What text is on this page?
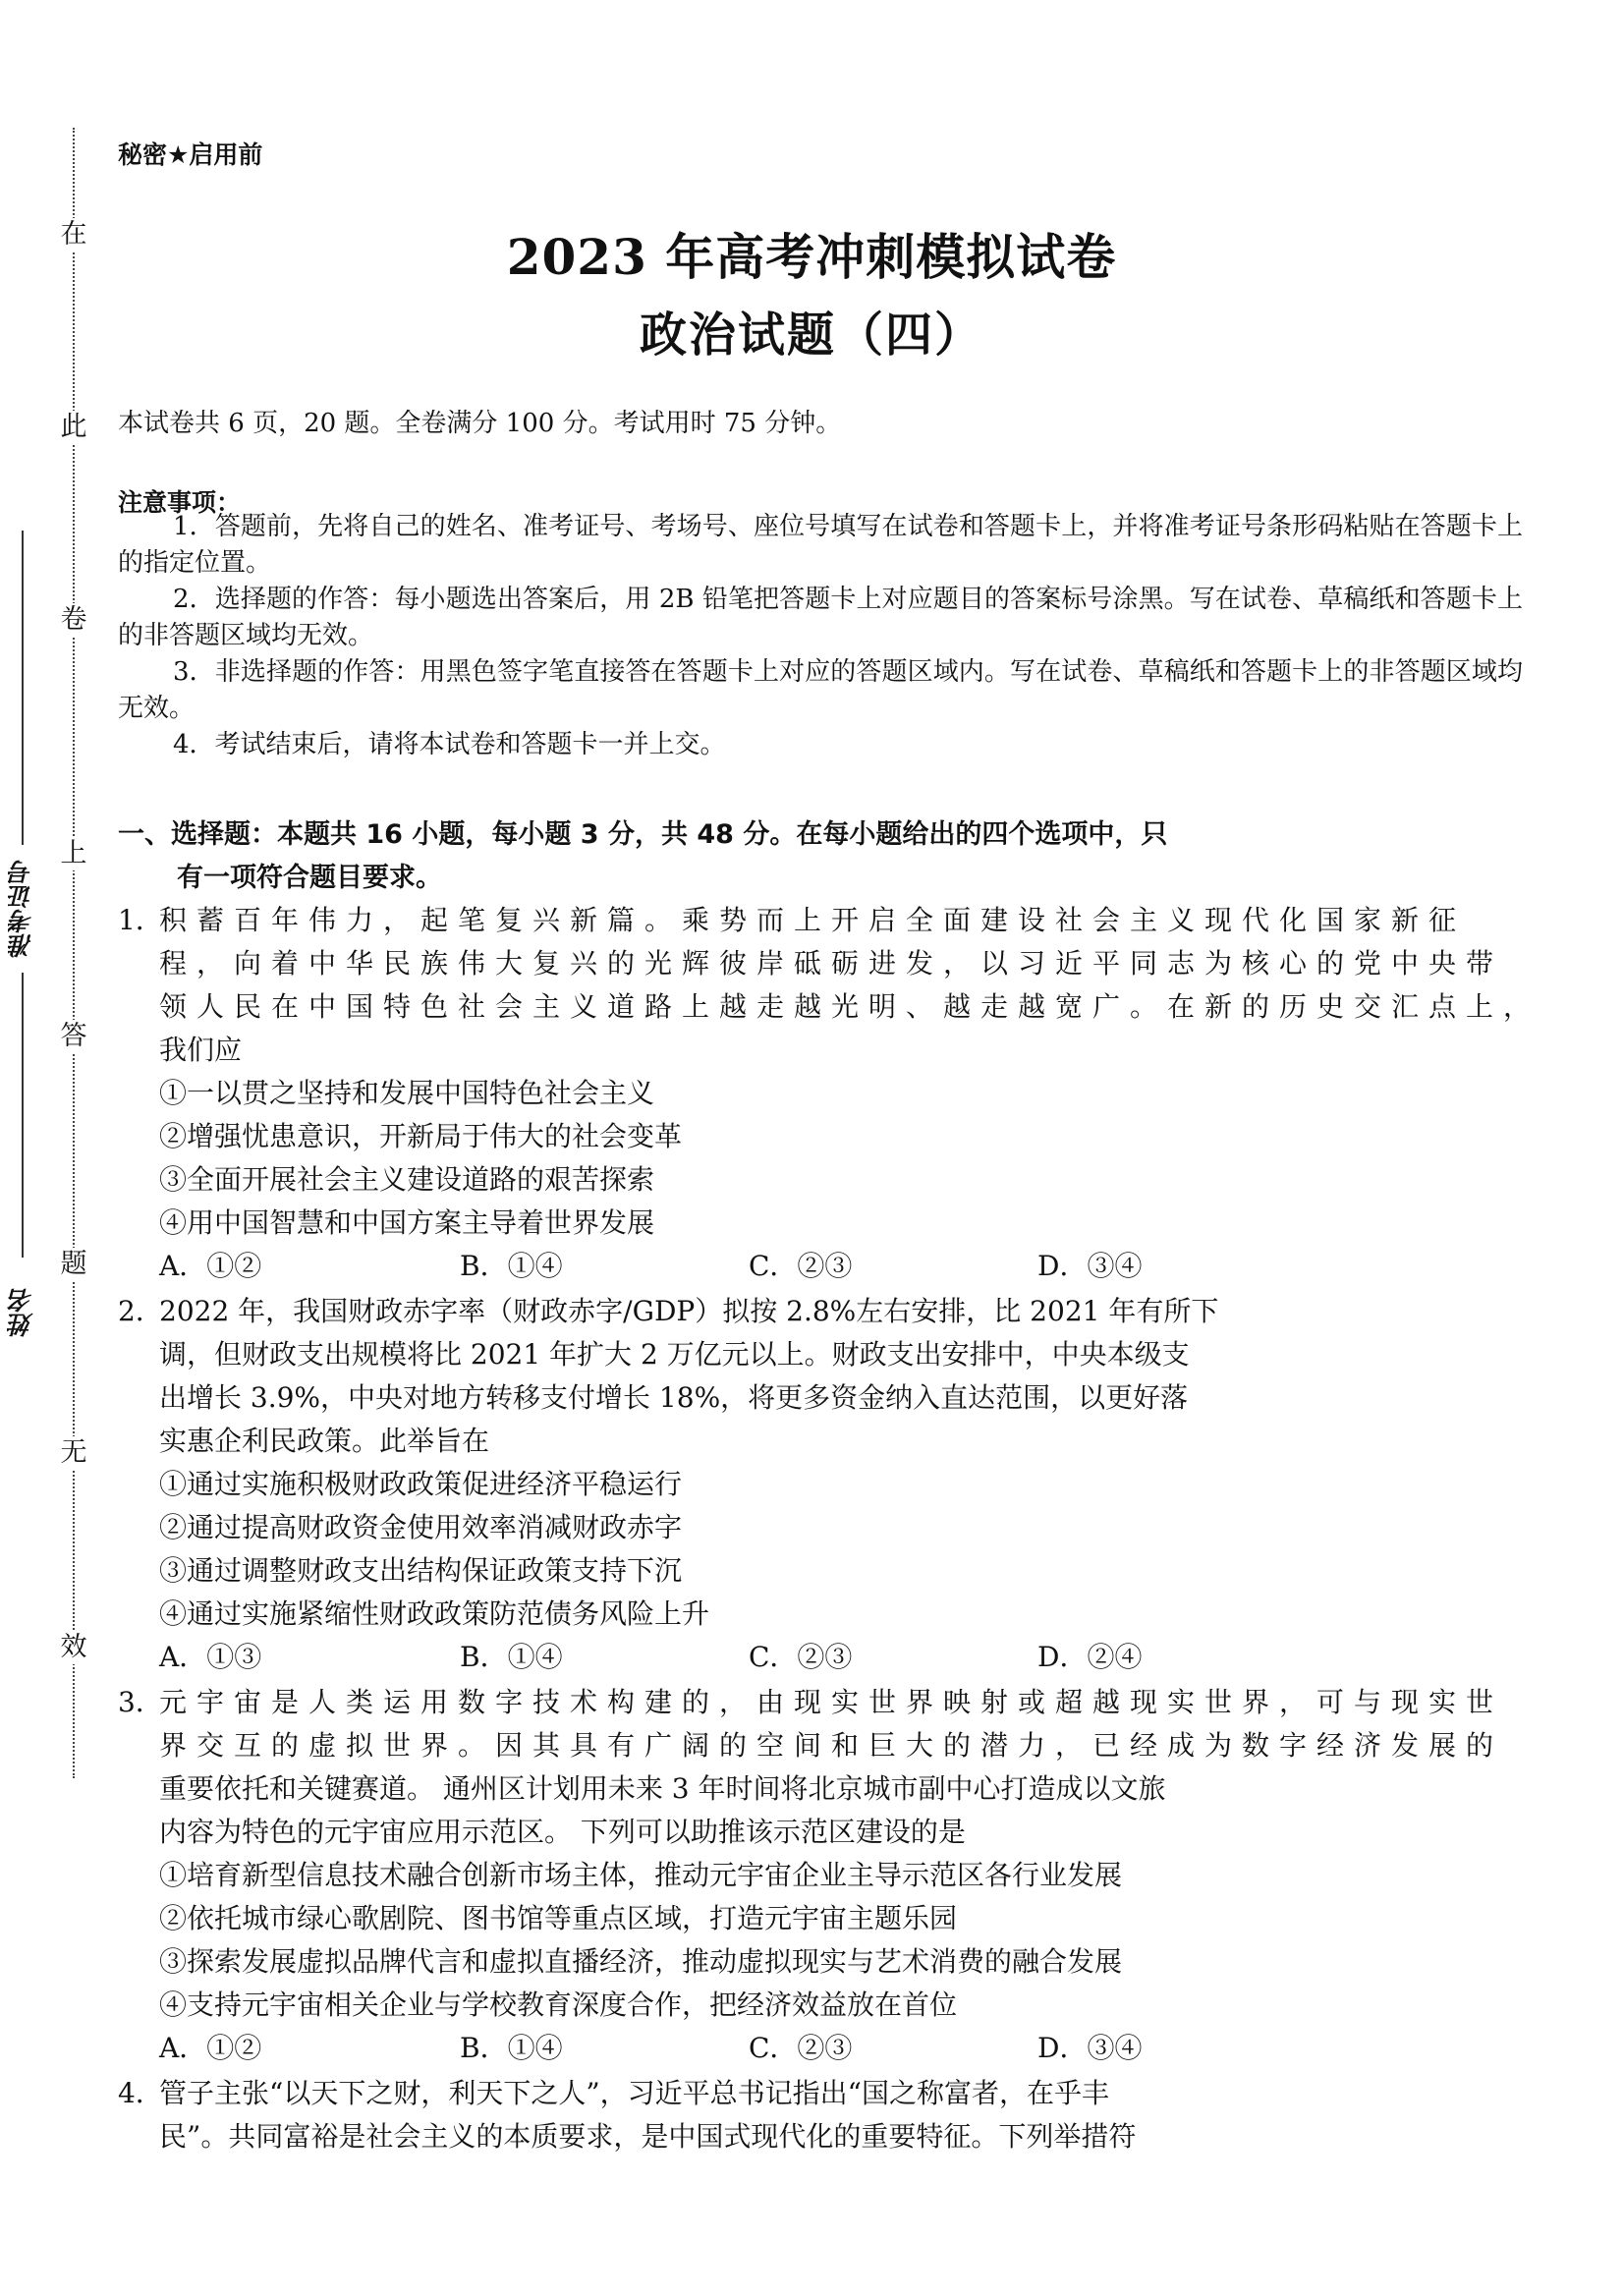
在
此
卷
上
答
题
无
效
准考证号
姓名
秘密★启用前
2023 年高考冲刺模拟试卷
政治试题（四）
本试卷共 6 页，20 题。全卷满分 100 分。考试用时 75 分钟。
注意事项：
1．答题前，先将自己的姓名、准考证号、考场号、座位号填写在试卷和答题卡上，并将准考证号条形码粘贴在答题卡上的指定位置。
2．选择题的作答：每小题选出答案后，用 2B 铅笔把答题卡上对应题目的答案标号涂黑。写在试卷、草稿纸和答题卡上的非答题区域均无效。
3．非选择题的作答：用黑色签字笔直接答在答题卡上对应的答题区域内。写在试卷、草稿纸和答题卡上的非答题区域均无效。
4．考试结束后，请将本试卷和答题卡一并上交。
一、选择题：本题共 16 小题，每小题 3 分，共 48 分。在每小题给出的四个选项中，只
有一项符合题目要求。
1．
积蓄百年伟力，起笔复兴新篇。乘势而上开启全面建设社会主义现代化国家新征
程，向着中华民族伟大复兴的光辉彼岸砥砺进发，以习近平同志为核心的党中央带
领人民在中国特色社会主义道路上越走越光明、越走越宽广。在新的历史交汇点上，
我们应
①一以贯之坚持和发展中国特色社会主义
②增强忧患意识，开新局于伟大的社会变革
③全面开展社会主义建设道路的艰苦探索
④用中国智慧和中国方案主导着世界发展
A．①②	B．①④	C．②③	D．③④
2．
2022 年，我国财政赤字率（财政赤字/GDP）拟按 2.8%左右安排，比 2021 年有所下
调，但财政支出规模将比 2021 年扩大 2 万亿元以上。财政支出安排中，中央本级支
出增长 3.9%，中央对地方转移支付增长 18%，将更多资金纳入直达范围，以更好落
实惠企利民政策。此举旨在
①通过实施积极财政政策促进经济平稳运行
②通过提高财政资金使用效率消减财政赤字
③通过调整财政支出结构保证政策支持下沉
④通过实施紧缩性财政政策防范债务风险上升
A．①③	B．①④	C．②③	D．②④
3．
元宇宙是人类运用数字技术构建的，由现实世界映射或超越现实世界，可与现实世
界交互的虚拟世界。因其具有广阔的空间和巨大的潜力，已经成为数字经济发展的
重要依托和关键赛道。 通州区计划用未来 3 年时间将北京城市副中心打造成以文旅
内容为特色的元宇宙应用示范区。 下列可以助推该示范区建设的是
①培育新型信息技术融合创新市场主体，推动元宇宙企业主导示范区各行业发展
②依托城市绿心歌剧院、图书馆等重点区域，打造元宇宙主题乐园
③探索发展虚拟品牌代言和虚拟直播经济，推动虚拟现实与艺术消费的融合发展
④支持元宇宙相关企业与学校教育深度合作，把经济效益放在首位
A．①②	B．①④	C．②③	D．③④
4．
管子主张“以天下之财，利天下之人”，习近平总书记指出“国之称富者，在乎丰
民”。共同富裕是社会主义的本质要求，是中国式现代化的重要特征。下列举措符
